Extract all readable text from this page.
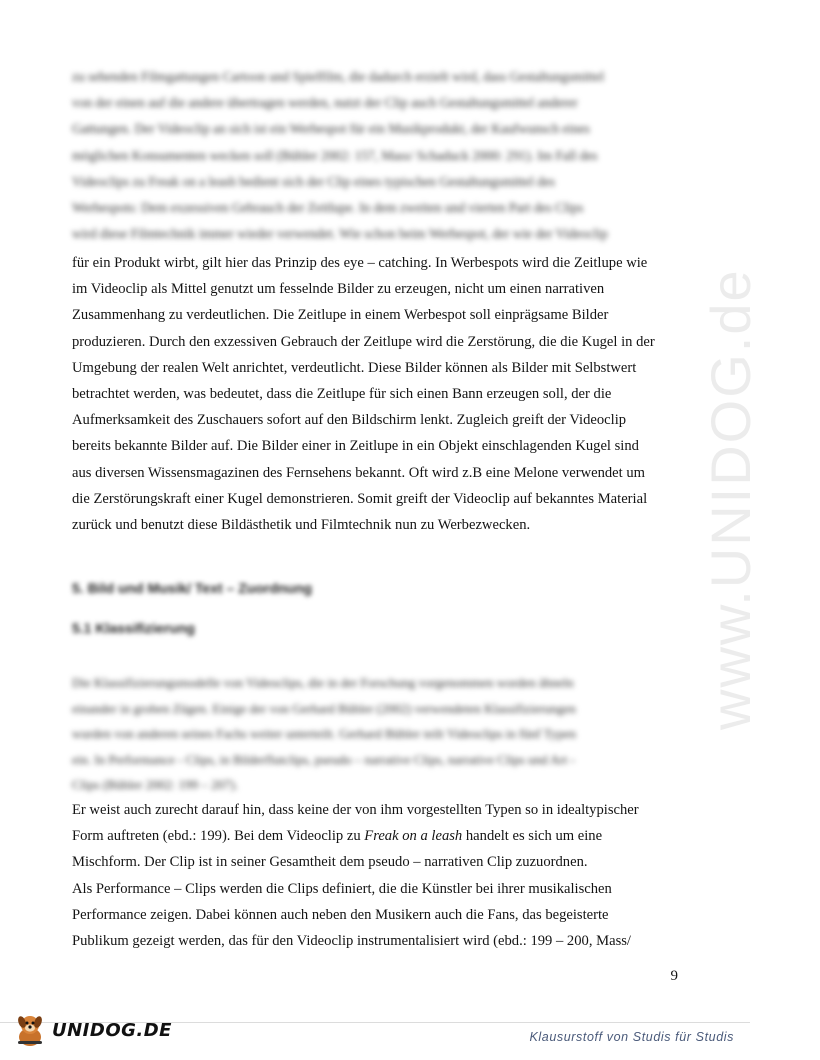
www.UNIDOG.de
zu sehenden Filmgattungen Cartoon und Spielfilm, die dadurch erzielt wird, dass Gestaltungsmittel
von der einen auf die andere übertragen werden, nutzt der Clip auch Gestaltungsmittel anderer
Gattungen. Der Videoclip an sich ist ein Werbespot für ein Musikprodukt, der Kaufwunsch eines
möglichen Konsumenten wecken soll (Bühler 2002: 157, Mass/ Schaduck 2000: 291). Im Fall des
Videoclips zu Freak on a leash bedient sich der Clip eines typischen Gestaltungsmittel des
Werbespots: Dem exzessiven Gebrauch der Zeitlupe. In dem zweiten und vierten Part des Clips
wird diese Filmtechnik immer wieder verwendet. Wie schon beim Werbespot, der wie der Videoclip
für ein Produkt wirbt, gilt hier das Prinzip des eye – catching. In Werbespots wird die Zeitlupe wie
im Videoclip als Mittel genutzt um fesselnde Bilder zu erzeugen, nicht um einen narrativen
Zusammenhang zu verdeutlichen. Die Zeitlupe in einem Werbespot soll einprägsame Bilder
produzieren. Durch den exzessiven Gebrauch der Zeitlupe wird die Zerstörung, die die Kugel in der
Umgebung der realen Welt anrichtet, verdeutlicht. Diese Bilder können als Bilder mit Selbstwert
betrachtet werden, was bedeutet, dass die Zeitlupe für sich einen Bann erzeugen soll, der die
Aufmerksamkeit des Zuschauers sofort auf den Bildschirm lenkt. Zugleich greift der Videoclip
bereits bekannte Bilder auf. Die Bilder einer in Zeitlupe in ein Objekt einschlagenden Kugel sind
aus diversen Wissensmagazinen des Fernsehens bekannt. Oft wird z.B eine Melone verwendet um
die Zerstörungskraft einer Kugel demonstrieren. Somit greift der Videoclip auf bekanntes Material
zurück und benutzt diese Bildästhetik und Filmtechnik nun zu Werbezwecken.
5. Bild und Musik/ Text – Zuordnung
5.1 Klassifizierung
Die Klassifizierungsmodelle von Videoclips, die in der Forschung vorgenommen worden ähneln
einander in groben Zügen. Einige der von Gerhard Bühler (2002) verwendeten Klassifizierungen
wurden von anderen seines Fachs weiter unterteilt. Gerhard Bühler teilt Videoclips in fünf Typen
ein. In Performance - Clips, in Bilderflutclips, pseudo – narrative Clips, narrative Clips und Art -
Clips (Bühler 2002: 199 – 207).
Er weist auch zurecht darauf hin, dass keine der von ihm vorgestellten Typen so in idealtypischer
Form auftreten (ebd.: 199). Bei dem Videoclip zu Freak on a leash handelt es sich um eine
Mischform. Der Clip ist in seiner Gesamtheit dem pseudo – narrativen Clip zuzuordnen.
Als Performance – Clips werden die Clips definiert, die die Künstler bei ihrer musikalischen
Performance zeigen. Dabei können auch neben den Musikern auch die Fans, das begeisterte
Publikum gezeigt werden, das für den Videoclip instrumentalisiert wird (ebd.: 199 – 200, Mass/
9
UNIDOG.DE	Klausurstoff von Studis für Studis
